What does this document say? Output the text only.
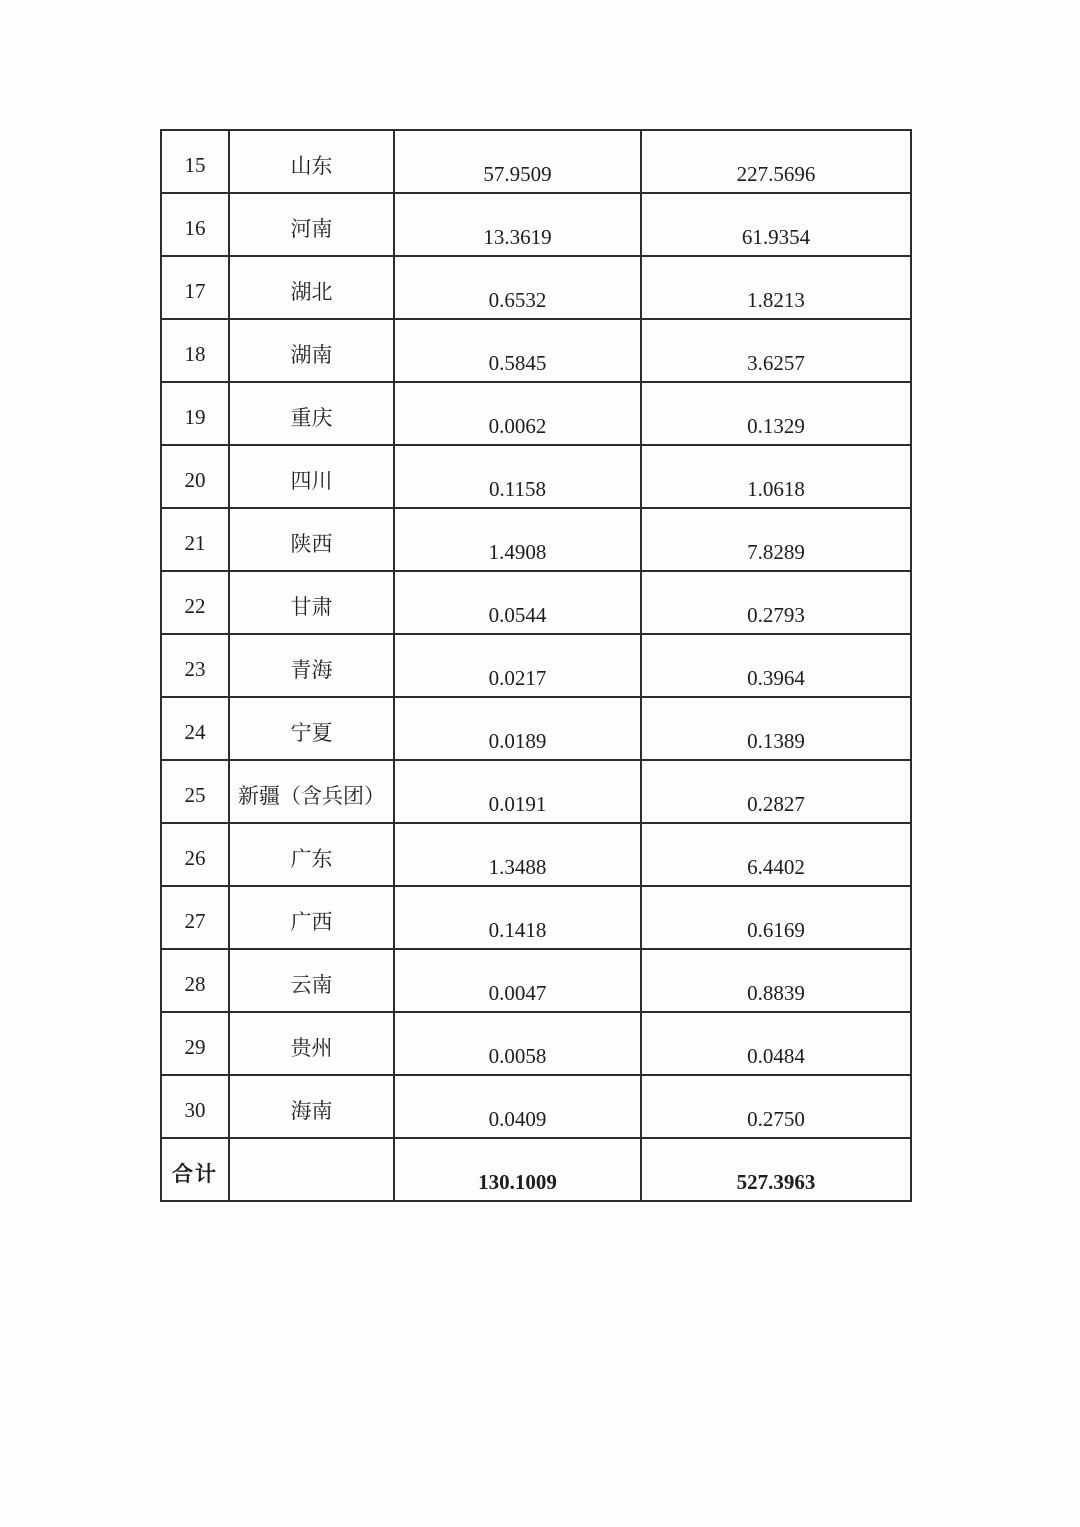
15	山东	57.9509	227.5696
16	河南	13.3619	61.9354
17	湖北	0.6532	1.8213
18	湖南	0.5845	3.6257
19	重庆	0.0062	0.1329
20	四川	0.1158	1.0618
21	陕西	1.4908	7.8289
22	甘肃	0.0544	0.2793
23	青海	0.0217	0.3964
24	宁夏	0.0189	0.1389
25	新疆（含兵团）	0.0191	0.2827
26	广东	1.3488	6.4402
27	广西	0.1418	0.6169
28	云南	0.0047	0.8839
29	贵州	0.0058	0.0484
30	海南	0.0409	0.2750
合计		130.1009	527.3963
